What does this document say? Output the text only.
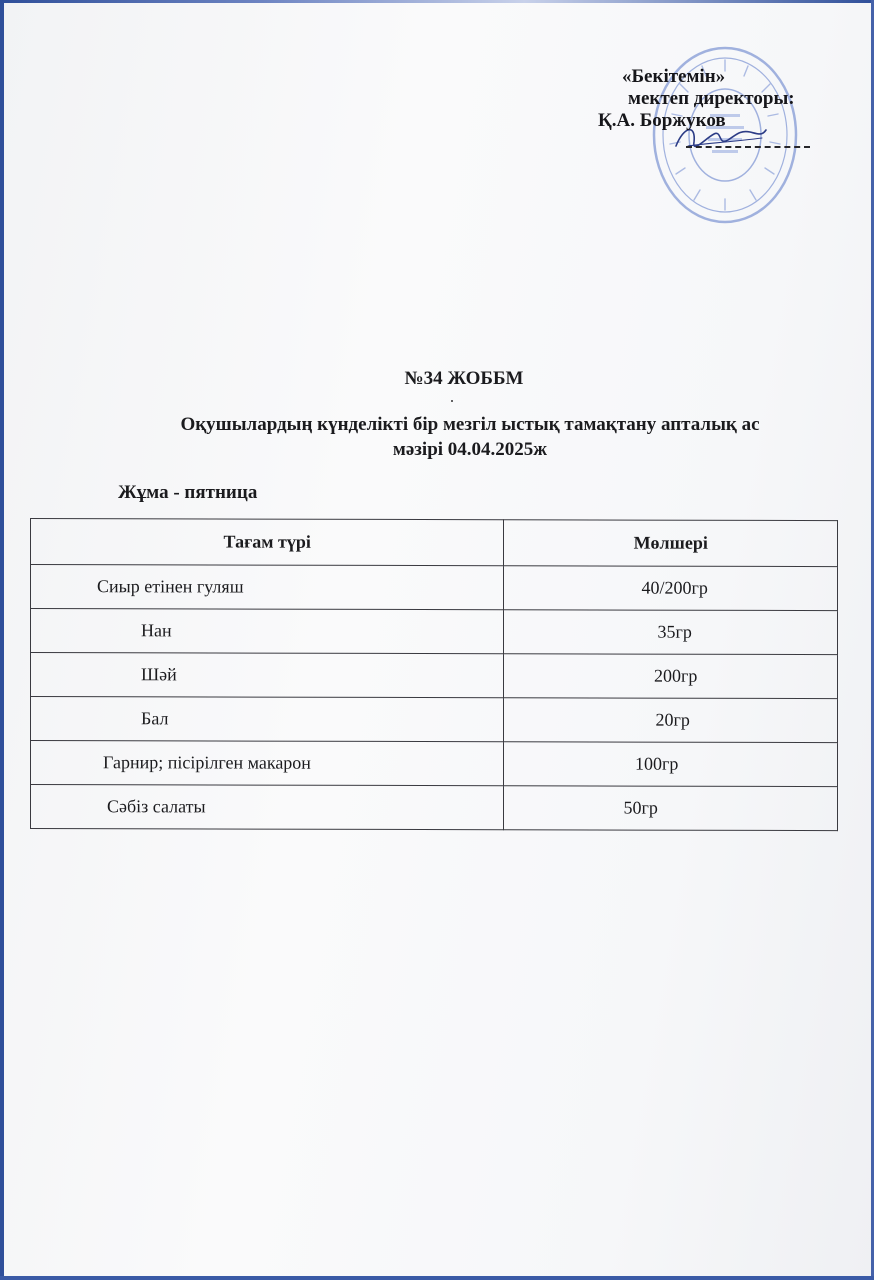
«Бекітемін»
мектеп директоры:
Қ.А. Боржуков
№34 ЖОББМ
Оқушылардың күнделікті бір мезгіл ыстық тамақтану апталық ас
мәзірі 04.04.2025ж
Жұма - пятница
Тағам түрі	Мөлшері
Сиыр етінен гуляш	40/200гр
Нан	35гр
Шәй	200гр
Бал	20гр
Гарнир; пісірілген макарон	100гр
Сәбіз салаты	50гр
